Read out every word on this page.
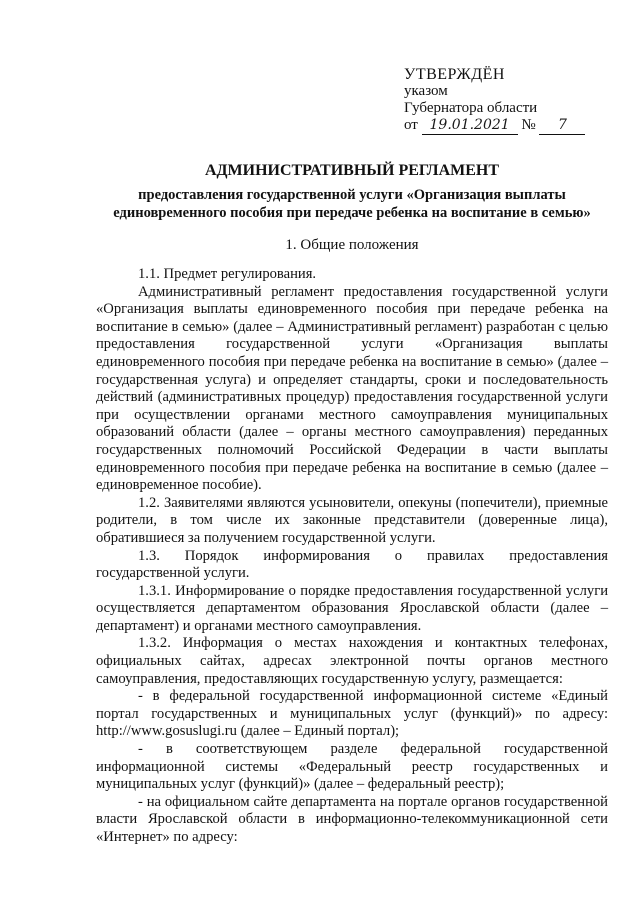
УТВЕРЖДЁН
указом
Губернатора области
от 19.01.2021 № 7
АДМИНИСТРАТИВНЫЙ РЕГЛАМЕНТ
предоставления государственной услуги «Организация выплаты
единовременного пособия при передаче ребенка на воспитание в семью»
1. Общие положения

1.1. Предмет регулирования.

Административный регламент предоставления государственной услуги «Организация выплаты единовременного пособия при передаче ребенка на воспитание в семью» (далее – Административный регламент) разработан с целью предоставления государственной услуги «Организация выплаты единовременного пособия при передаче ребенка на воспитание в семью» (далее – государственная услуга) и определяет стандарты, сроки и последовательность действий (административных процедур) предоставления государственной услуги при осуществлении органами местного самоуправления муниципальных образований области (далее – органы местного самоуправления) переданных государственных полномочий Российской Федерации в части выплаты единовременного пособия при передаче ребенка на воспитание в семью (далее – единовременное пособие).

1.2. Заявителями являются усыновители, опекуны (попечители), приемные родители, в том числе их законные представители (доверенные лица), обратившиеся за получением государственной услуги.

1.3. Порядок информирования о правилах предоставления государственной услуги.

1.3.1. Информирование о порядке предоставления государственной услуги осуществляется департаментом образования Ярославской области (далее – департамент) и органами местного самоуправления.

1.3.2. Информация о местах нахождения и контактных телефонах, официальных сайтах, адресах электронной почты органов местного самоуправления, предоставляющих государственную услугу, размещается:

- в федеральной государственной информационной системе «Единый портал государственных и муниципальных услуг (функций)» по адресу: http://www.gosuslugi.ru (далее – Единый портал);

- в соответствующем разделе федеральной государственной информационной системы «Федеральный реестр государственных и муниципальных услуг (функций)» (далее – федеральный реестр);

- на официальном сайте департамента на портале органов государственной власти Ярославской области в информационно-телекоммуникационной сети «Интернет» по адресу:
